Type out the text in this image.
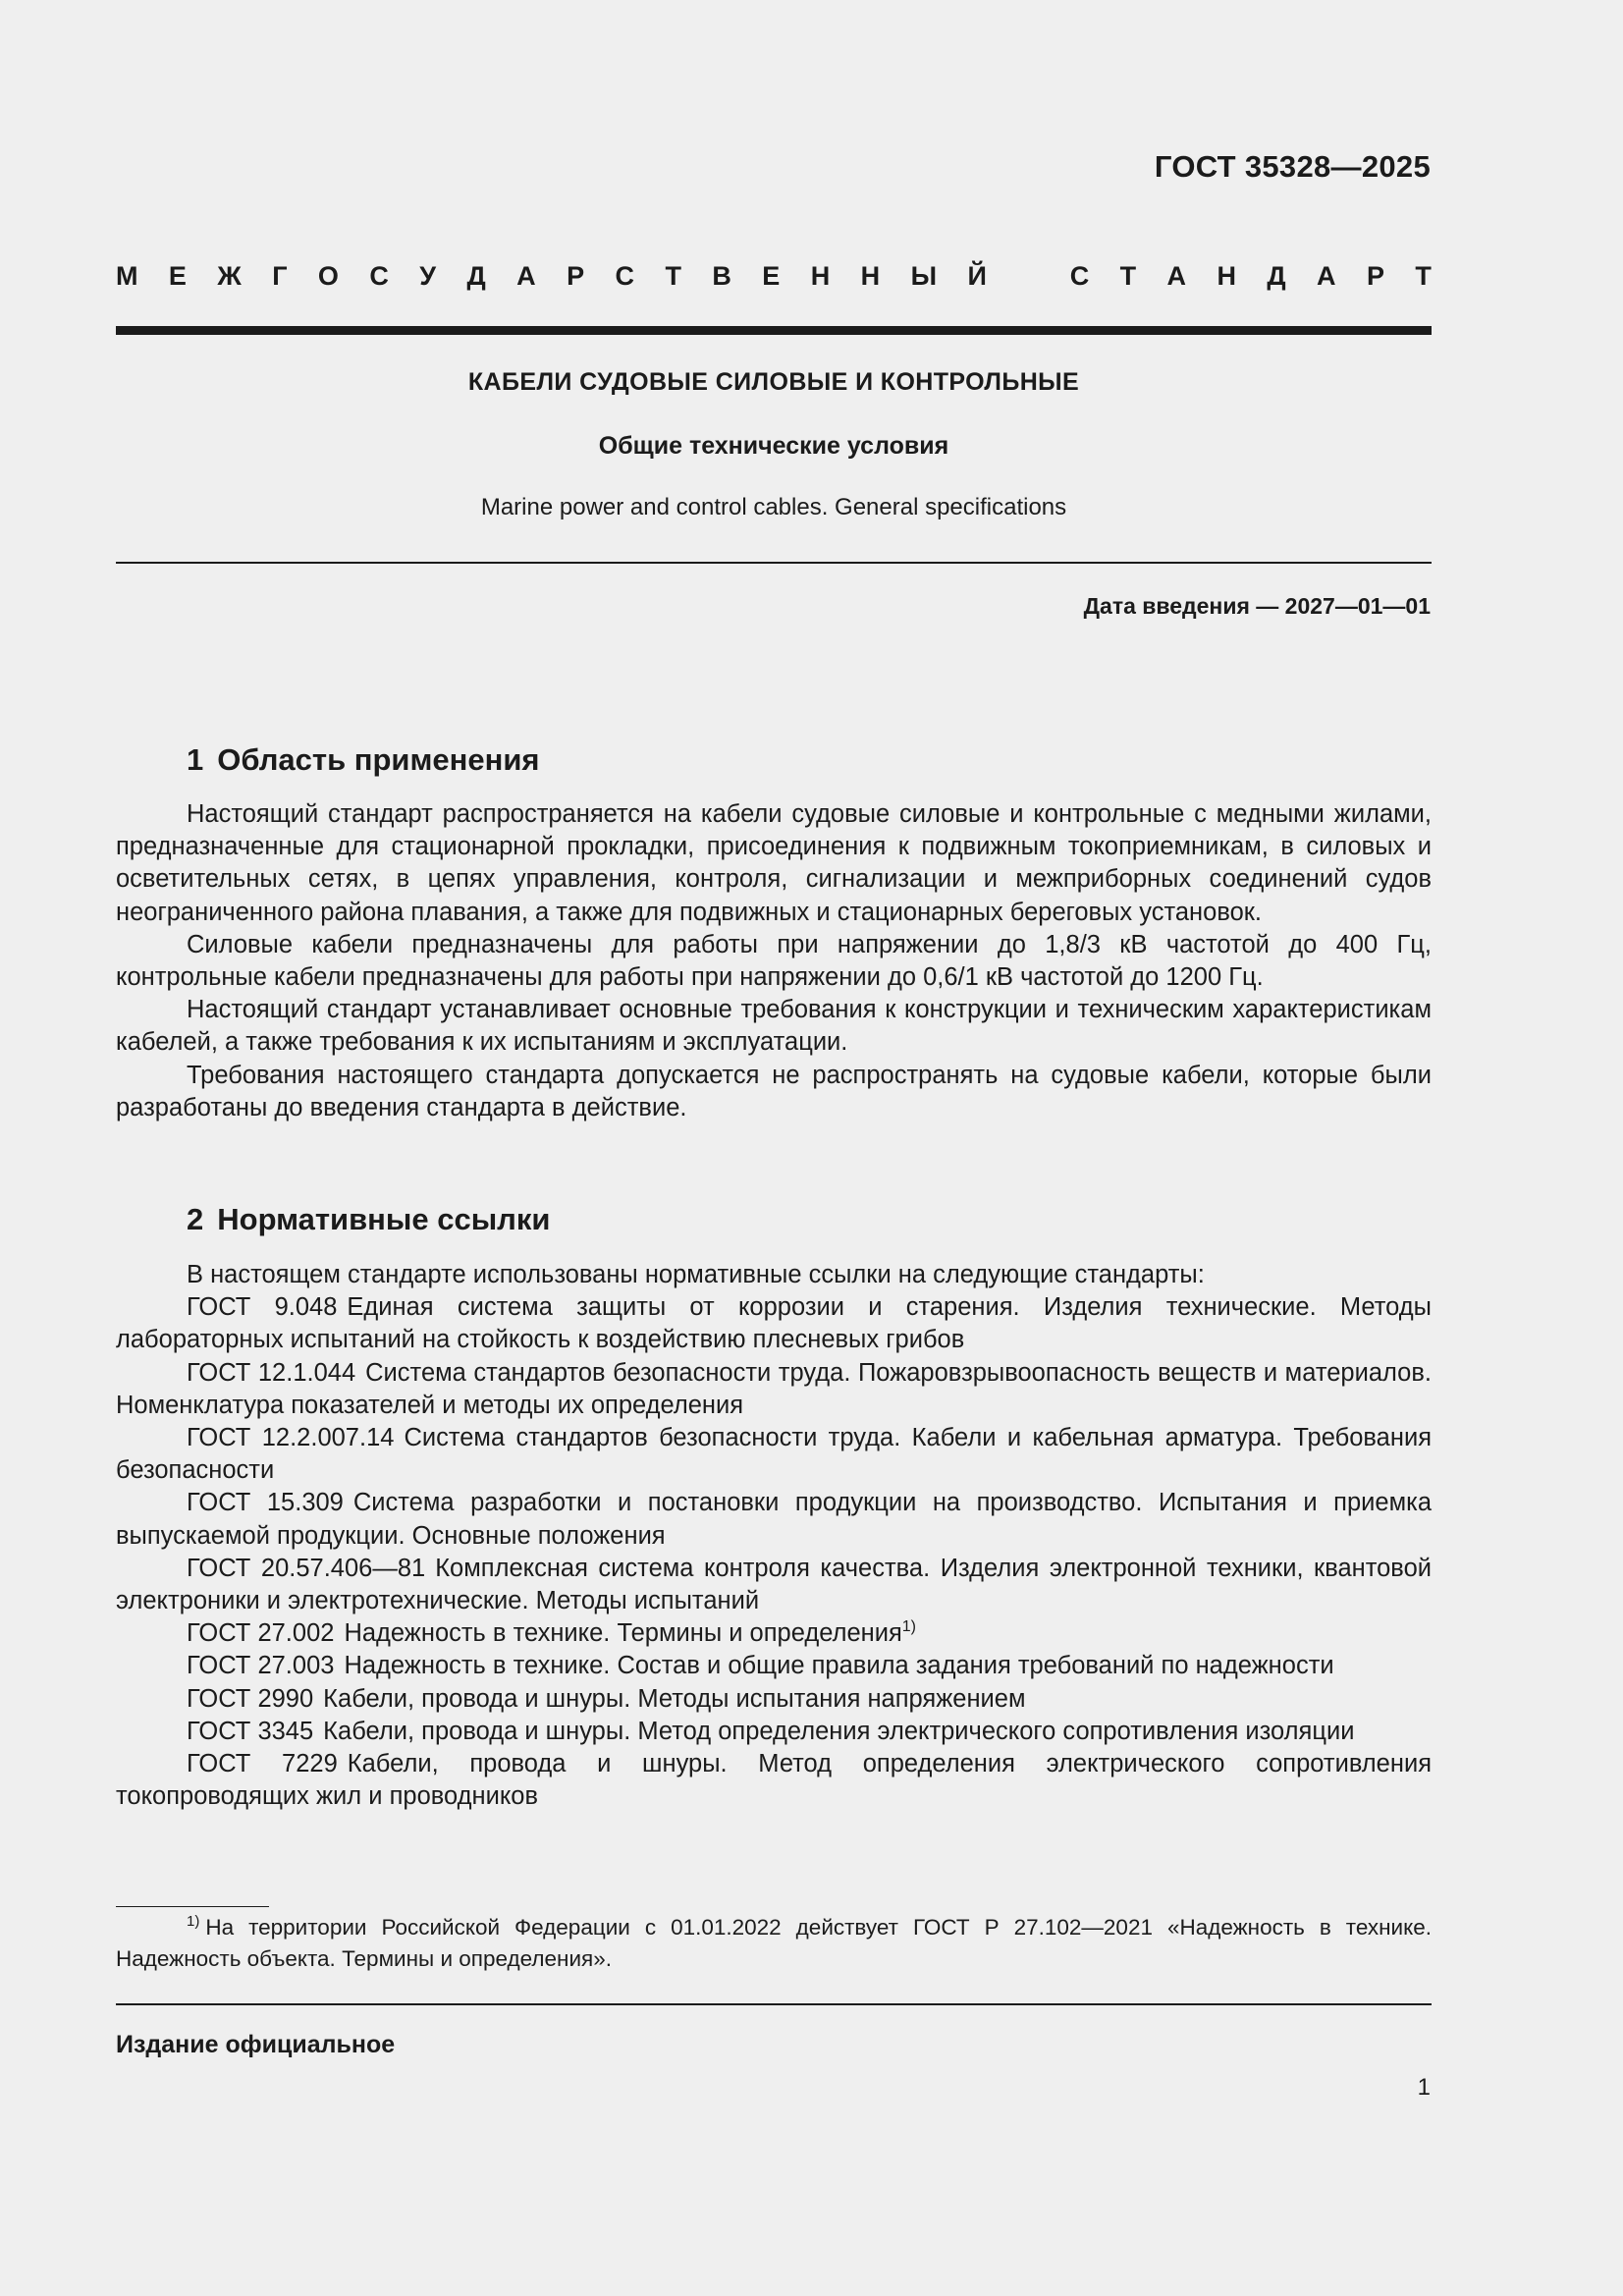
ГОСТ 35328—2025
М Е Ж Г О С У Д А Р С Т В Е Н Н Ы Й	С Т А Н Д А Р Т
КАБЕЛИ СУДОВЫЕ СИЛОВЫЕ И КОНТРОЛЬНЫЕ
Общие технические условия
Marine power and control cables. General specifications
Дата введения — 2027—01—01
1 Область применения

Настоящий стандарт распространяется на кабели судовые силовые и контрольные с медными жилами, предназначенные для стационарной прокладки, присоединения к подвижным токоприемникам, в силовых и осветительных сетях, в цепях управления, контроля, сигнализации и межприборных соединений судов неограниченного района плавания, а также для подвижных и стационарных береговых установок.

Силовые кабели предназначены для работы при напряжении до 1,8/3 кВ частотой до 400 Гц, контрольные кабели предназначены для работы при напряжении до 0,6/1 кВ частотой до 1200 Гц.

Настоящий стандарт устанавливает основные требования к конструкции и техническим характеристикам кабелей, а также требования к их испытаниям и эксплуатации.

Требования настоящего стандарта допускается не распространять на судовые кабели, которые были разработаны до введения стандарта в действие.

2 Нормативные ссылки

В настоящем стандарте использованы нормативные ссылки на следующие стандарты:

ГОСТ 9.048 Единая система защиты от коррозии и старения. Изделия технические. Методы лабораторных испытаний на стойкость к воздействию плесневых грибов

ГОСТ 12.1.044 Система стандартов безопасности труда. Пожаровзрывоопасность веществ и материалов. Номенклатура показателей и методы их определения

ГОСТ 12.2.007.14 Система стандартов безопасности труда. Кабели и кабельная арматура. Требования безопасности

ГОСТ 15.309 Система разработки и постановки продукции на производство. Испытания и приемка выпускаемой продукции. Основные положения

ГОСТ 20.57.406—81 Комплексная система контроля качества. Изделия электронной техники, квантовой электроники и электротехнические. Методы испытаний

ГОСТ 27.002 Надежность в технике. Термины и определения$^{1)}$

ГОСТ 27.003 Надежность в технике. Состав и общие правила задания требований по надежности

ГОСТ 2990 Кабели, провода и шнуры. Методы испытания напряжением

ГОСТ 3345 Кабели, провода и шнуры. Метод определения электрического сопротивления изоляции

ГОСТ 7229 Кабели, провода и шнуры. Метод определения электрического сопротивления токопроводящих жил и проводников

$^{1)}$ На территории Российской Федерации с 01.01.2022 действует ГОСТ Р 27.102—2021 «Надежность в технике. Надежность объекта. Термины и определения».

Издание официальное
1
